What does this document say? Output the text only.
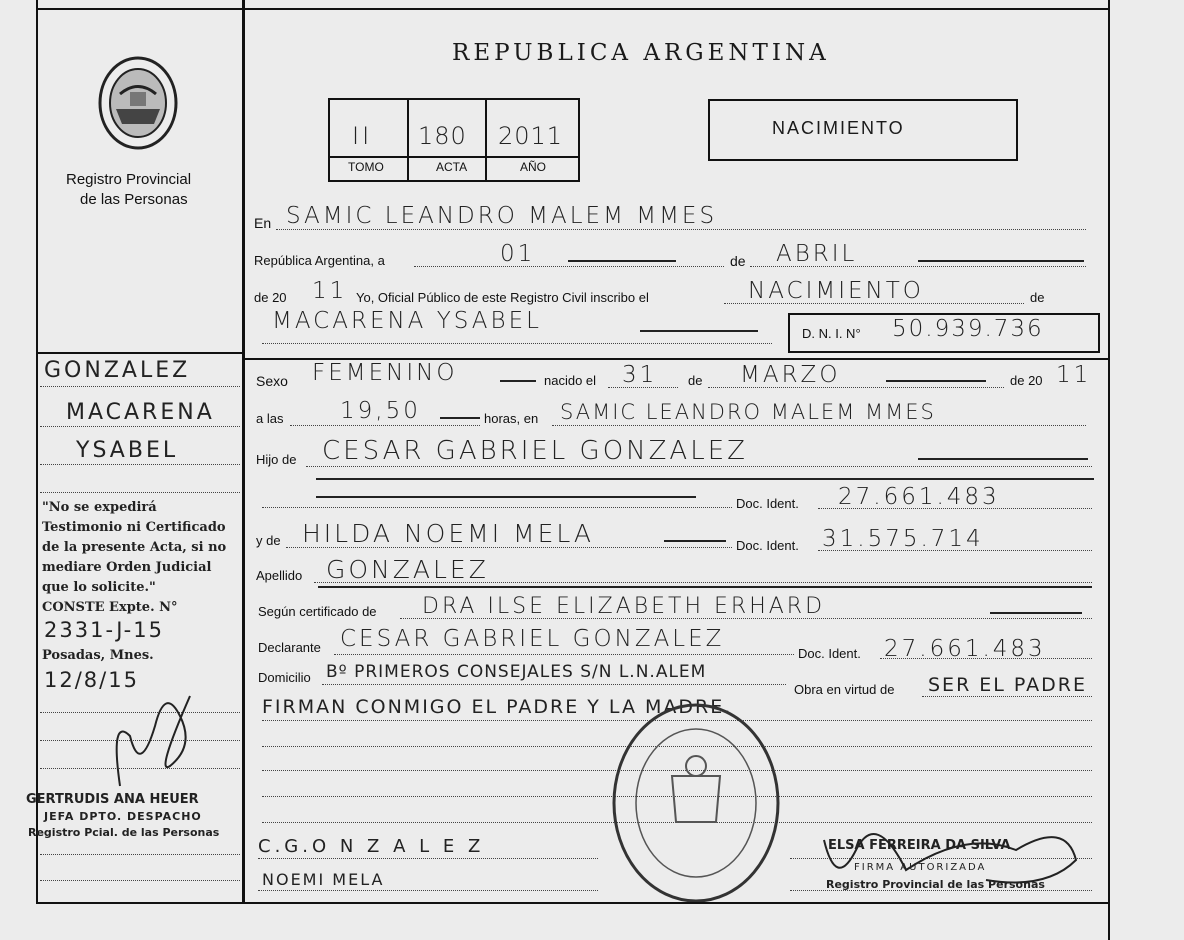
REPUBLICA ARGENTINA
II 180 2011
TOMO	ACTA	AÑO
NACIMIENTO
Registro Provincial
de las Personas
En SAMIC LEANDRO MALEM MMES
República Argentina, a	01	de ABRIL
de 20 11 Yo, Oficial Público de este Registro Civil inscribo el	NACIMIENTO	de
MACARENA YSABEL	D. N. I. N° 50.939.736
Sexo FEMENINO	nacido el 31 de MARZO	de 20 11
a las 19,50	horas, en SAMIC LEANDRO MALEM MMES
Hijo de CESAR GABRIEL GONZALEZ
Doc. Ident. 27.661.483
y de HILDA NOEMI MELA	Doc. Ident. 31.575.714
Apellido GONZALEZ
Según certificado de DRA ILSE ELIZABETH ERHARD
Declarante CESAR GABRIEL GONZALEZ
Doc. Ident. 27.661.483
Domicilio Bº PRIMEROS CONSEJALES S/N L.N.ALEM
Obra en virtud de SER EL PADRE
FIRMAN CONMIGO EL PADRE Y LA MADRE.
C.G.O N Z A L E Z
NOEMI MELA
ELSA FERREIRA DA SILVA
FIRMA AUTORIZADA
Registro Provincial de las Personas
GONZALEZ
MACARENA
YSABEL
"No se expedirá
Testimonio ni Certificado
de la presente Acta, si no
mediare Orden Judicial
que lo solicite."
CONSTE Expte. N°
2331-J-15
Posadas, Mnes.
12/8/15
GERTRUDIS ANA HEUER
JEFA DPTO. DESPACHO
Registro Pcial. de las Personas
